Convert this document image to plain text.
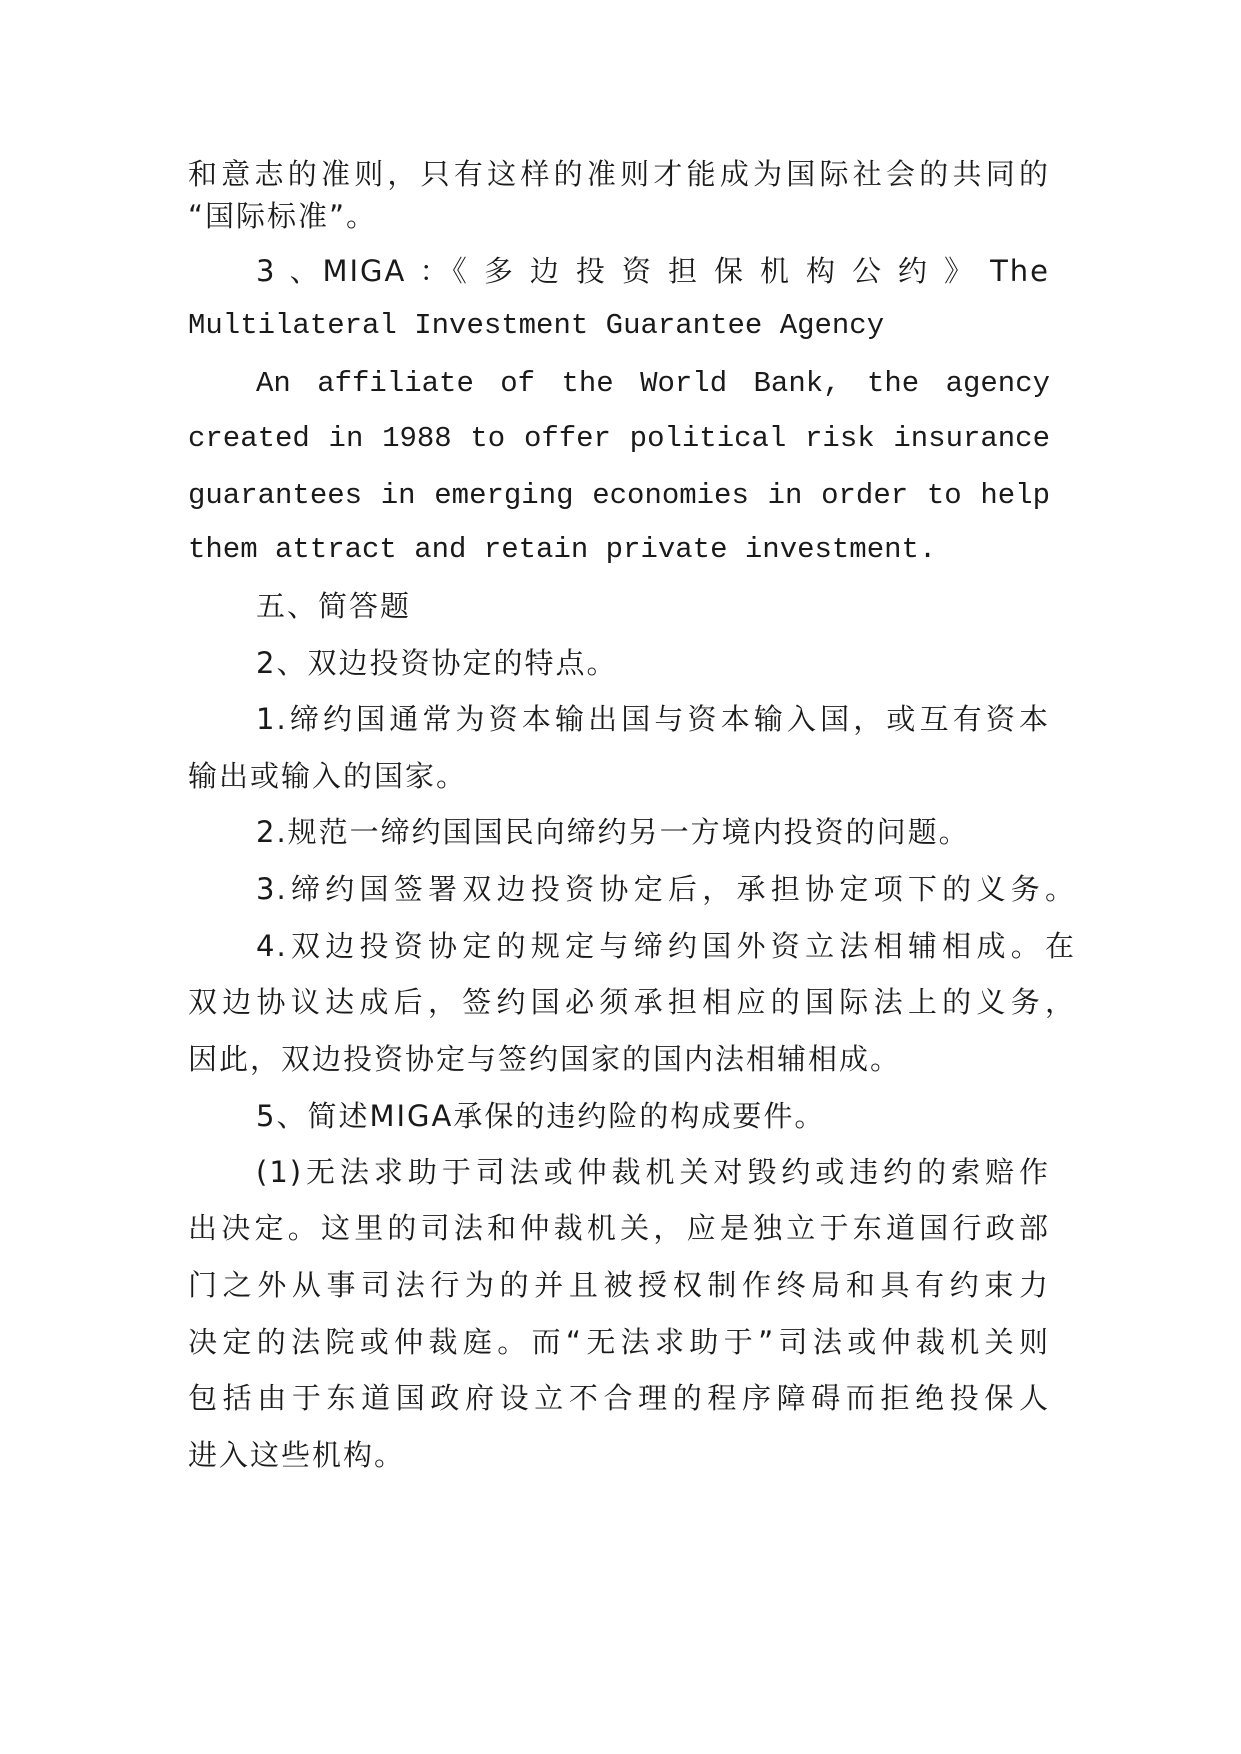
和意志的准则，只有这样的准则才能成为国际社会的共同的
“国际标准”。
3 、MIGA ：《 多 边 投 资 担 保 机 构 公 约 》 The
Multilateral Investment Guarantee Agency
An affiliate of the World Bank, the agency
created in 1988 to offer political risk insurance
guarantees in emerging economies in order to help
them attract and retain private investment.
五、简答题
2、双边投资协定的特点。
1.缔约国通常为资本输出国与资本输入国，或互有资本
输出或输入的国家。
2.规范一缔约国国民向缔约另一方境内投资的问题。
3.缔约国签署双边投资协定后，承担协定项下的义务。
4.双边投资协定的规定与缔约国外资立法相辅相成。在
双边协议达成后，签约国必须承担相应的国际法上的义务，
因此，双边投资协定与签约国家的国内法相辅相成。
5、简述MIGA承保的违约险的构成要件。
(1)无法求助于司法或仲裁机关对毁约或违约的索赔作
出决定。这里的司法和仲裁机关，应是独立于东道国行政部
门之外从事司法行为的并且被授权制作终局和具有约束力
决定的法院或仲裁庭。而“无法求助于”司法或仲裁机关则
包括由于东道国政府设立不合理的程序障碍而拒绝投保人
进入这些机构。
